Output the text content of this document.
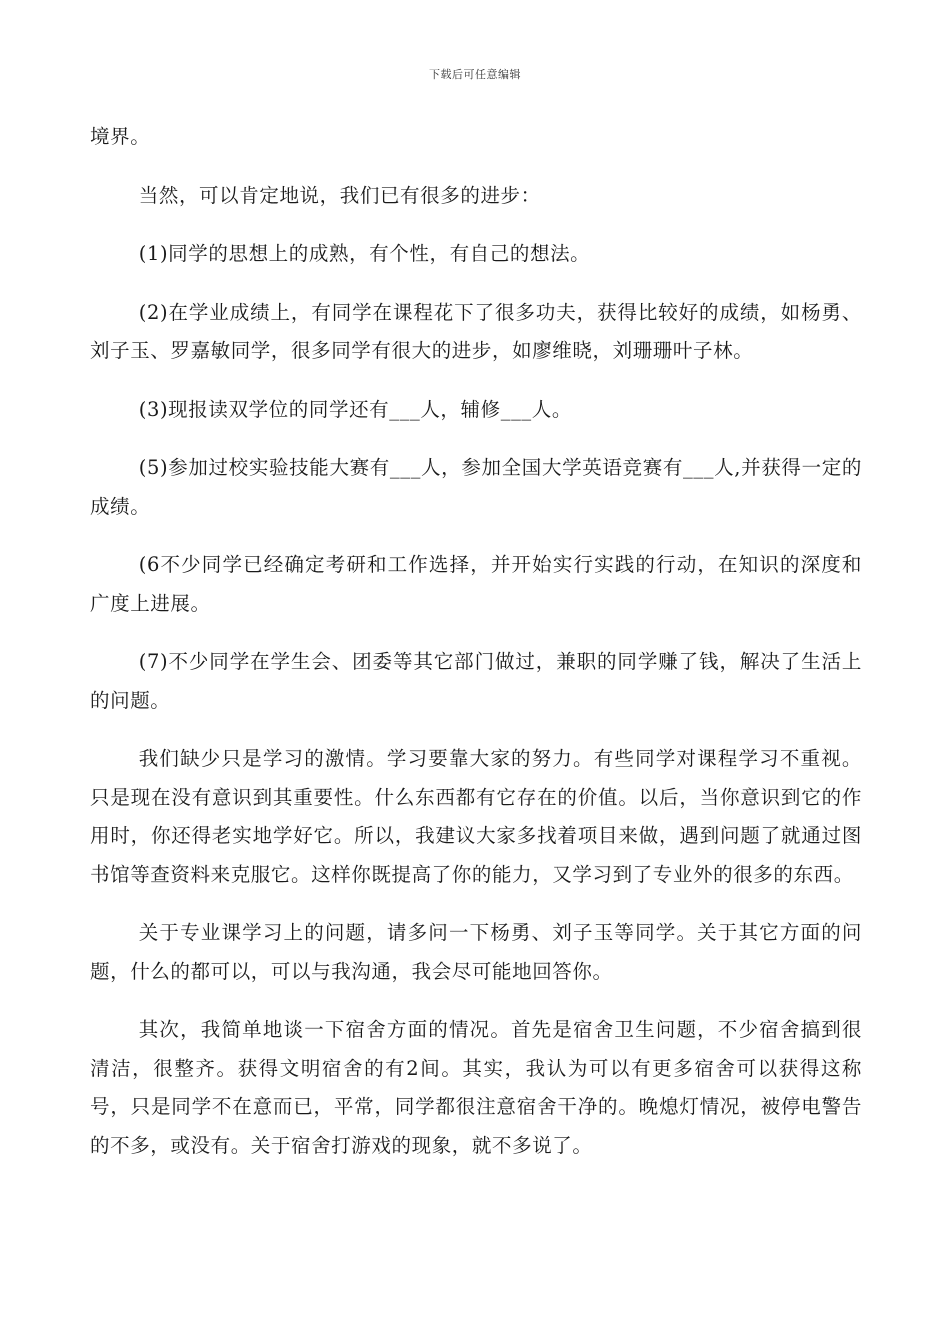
下载后可任意编辑

境界。

当然，可以肯定地说，我们已有很多的进步：

(1)同学的思想上的成熟，有个性，有自己的想法。

(2)在学业成绩上，有同学在课程花下了很多功夫，获得比较好的成绩，如杨勇、刘子玉、罗嘉敏同学，很多同学有很大的进步，如廖维晓，刘珊珊叶子林。

(3)现报读双学位的同学还有___人，辅修___人。

(5)参加过校实验技能大赛有___人，参加全国大学英语竞赛有___人,并获得一定的成绩。

(6不少同学已经确定考研和工作选择，并开始实行实践的行动，在知识的深度和广度上进展。

(7)不少同学在学生会、团委等其它部门做过，兼职的同学赚了钱，解决了生活上的问题。

我们缺少只是学习的激情。学习要靠大家的努力。有些同学对课程学习不重视。只是现在没有意识到其重要性。什么东西都有它存在的价值。以后，当你意识到它的作用时，你还得老实地学好它。所以，我建议大家多找着项目来做，遇到问题了就通过图书馆等查资料来克服它。这样你既提高了你的能力，又学习到了专业外的很多的东西。

关于专业课学习上的问题，请多问一下杨勇、刘子玉等同学。关于其它方面的问题，什么的都可以，可以与我沟通，我会尽可能地回答你。

其次，我简单地谈一下宿舍方面的情况。首先是宿舍卫生问题，不少宿舍搞到很清洁，很整齐。获得文明宿舍的有2间。其实，我认为可以有更多宿舍可以获得这称号，只是同学不在意而已，平常，同学都很注意宿舍干净的。晚熄灯情况，被停电警告的不多，或没有。关于宿舍打游戏的现象，就不多说了。
